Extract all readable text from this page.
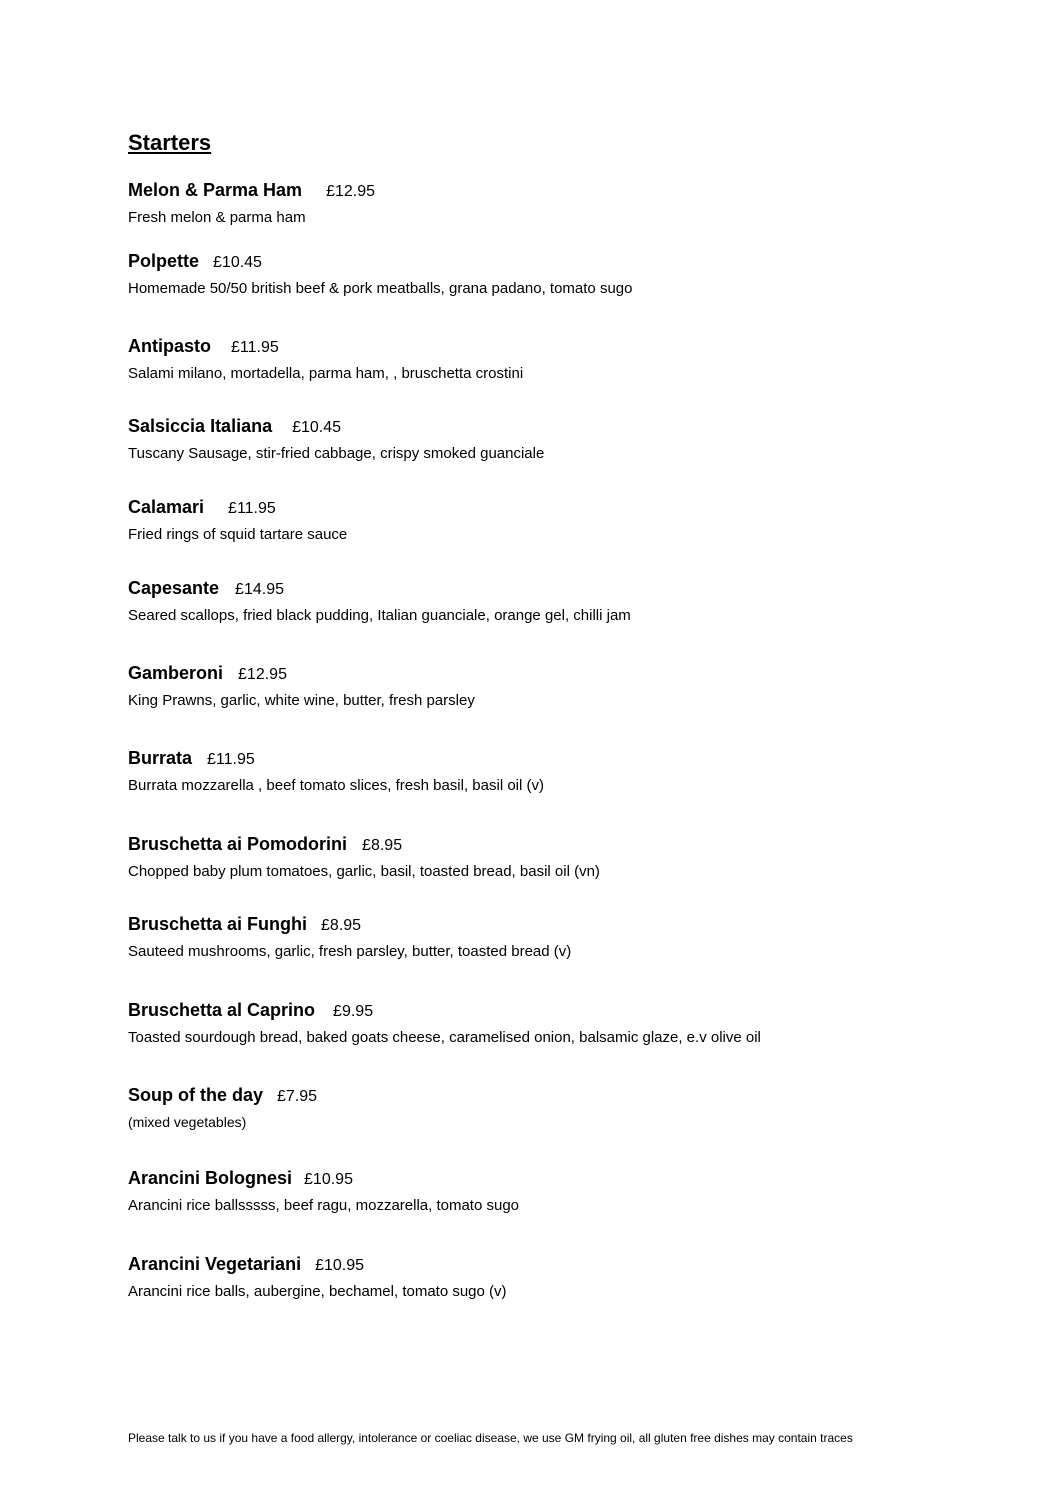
Starters
Melon & Parma Ham £12.95
Fresh melon & parma ham
Polpette £10.45
Homemade 50/50 british beef & pork meatballs, grana padano, tomato sugo
Antipasto £11.95
Salami milano, mortadella, parma ham, , bruschetta crostini
Salsiccia Italiana £10.45
Tuscany Sausage, stir-fried cabbage, crispy smoked guanciale
Calamari £11.95
Fried rings of squid tartare sauce
Capesante £14.95
Seared scallops, fried black pudding, Italian guanciale, orange gel, chilli jam
Gamberoni £12.95
King Prawns, garlic, white wine, butter, fresh parsley
Burrata £11.95
Burrata mozzarella , beef tomato slices, fresh basil, basil oil (v)
Bruschetta ai Pomodorini £8.95
Chopped baby plum tomatoes, garlic, basil, toasted bread, basil oil (vn)
Bruschetta ai Funghi £8.95
Sauteed mushrooms, garlic, fresh parsley, butter, toasted bread (v)
Bruschetta al Caprino £9.95
Toasted sourdough bread, baked goats cheese, caramelised onion, balsamic glaze, e.v olive oil
Soup of the day £7.95
(mixed vegetables)
Arancini Bolognesi £10.95
Arancini rice ballsssss, beef ragu, mozzarella, tomato sugo
Arancini Vegetariani £10.95
Arancini rice balls, aubergine, bechamel, tomato sugo (v)
Please talk to us if you have a food allergy, intolerance or coeliac disease, we use GM frying oil, all gluten free dishes may contain traces
